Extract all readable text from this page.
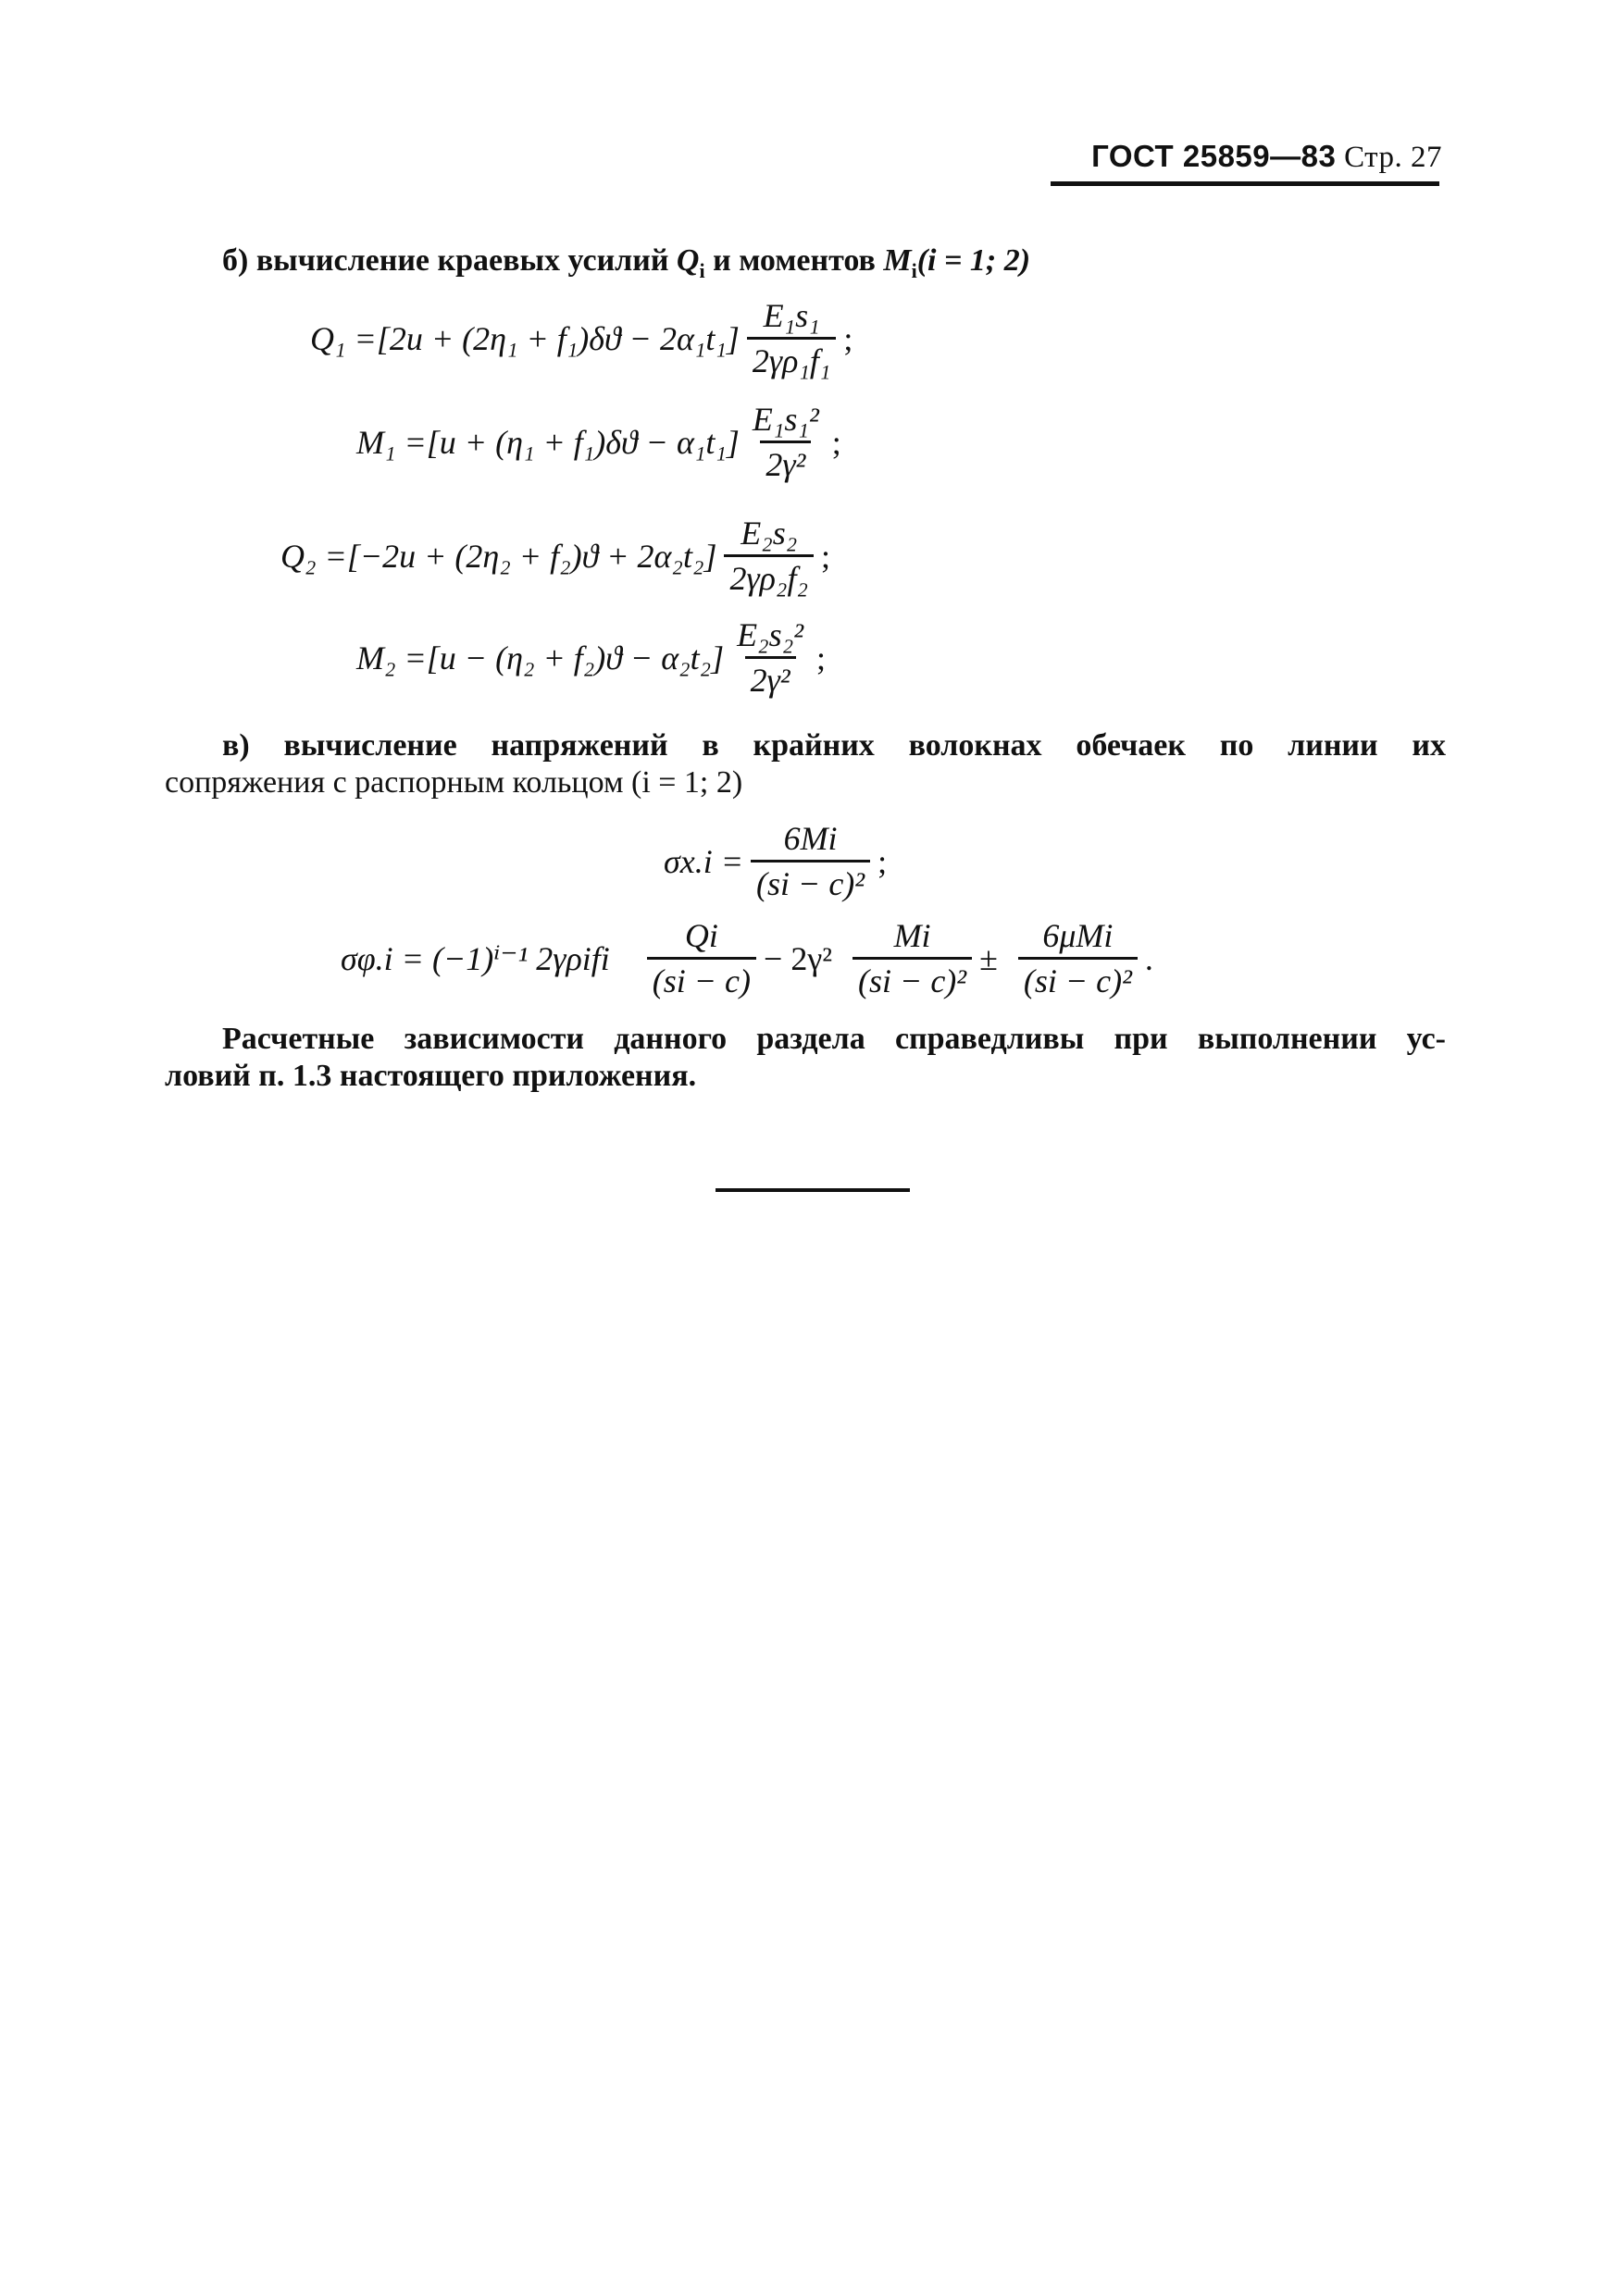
ГОСТ 25859—83 Стр. 27
б) вычисление краевых усилий $Q_i$ и моментов $M_i(i = 1$; 2)
$Q_1 = [2u + (2\eta_1 + f_1)\delta ϑ - 2\alpha_1t_1] \frac{\text{E₁s₁}}{\text{2γρ₁f₁}}$ ;
$M_1 = [u + (\eta_1 + f_1)\delta ϑ - \alpha_1t_1] \frac{\text{E₁s₁²}}{\text{2γ²}}$ ;
$Q_2 = [-2u + (2\eta_2 + f_2)ϑ + 2\alpha_2t_2] \frac{\text{E₂s₂}}{\text{2γρ₂f₂}}$ ;
$M_2 = [u - (\eta_2 + f_2)ϑ - \alpha_2t_2] \frac{\text{E₂s₂²}}{\text{2γ²}}$ ;
в) вычисление напряжений в крайних волокнах обечаек по линии их
сопряжения с распорным кольцом (i = 1; 2)
$\sigma x.i = \frac{6Mi}{\text{(si − c)²}}$ ;
σφ.i = (−1)ⁱ⁻¹ $2\gamma\rho ifi \frac{Qi}{(si - c)} - 2\gamma^2 \frac{Mi}{\text{(si − c)²}} \pm \frac{\text{6μMi}}{\text{(si − c)²}}$ .
Расчетные зависимости данного раздела справедливы при выполнении ус-
ловий п. 1.3 настоящего приложения.
